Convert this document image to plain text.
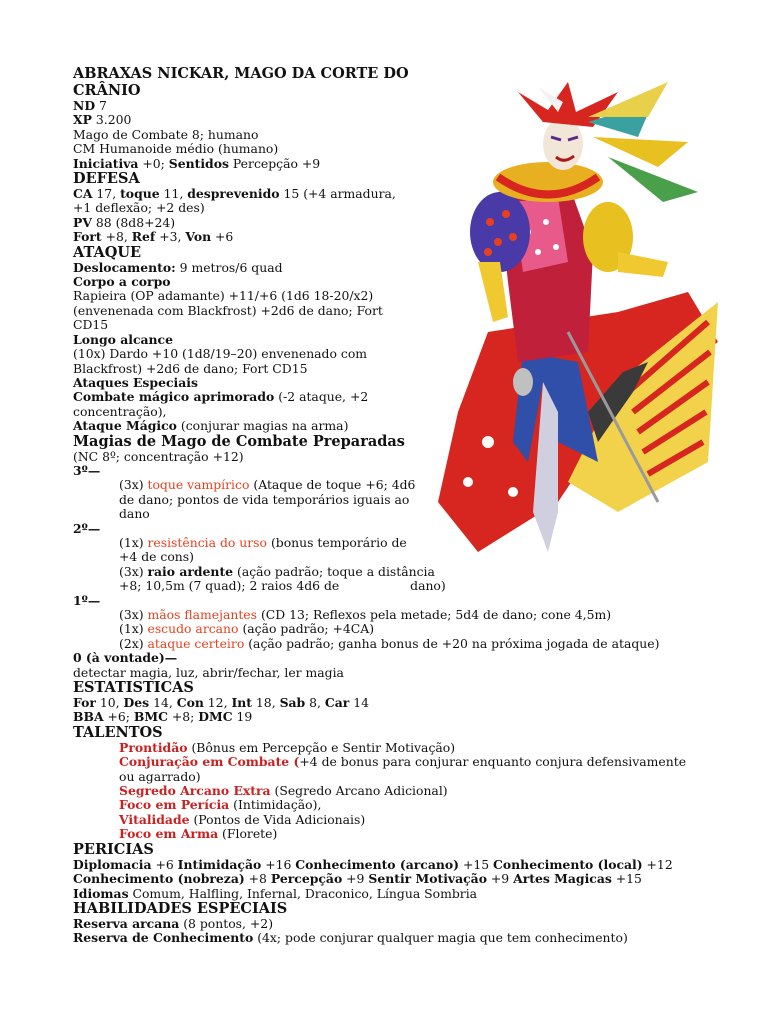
ABRAXAS NICKAR, MAGO DA CORTE DO CRÂNIO
ND 7
XP 3.200
Mago de Combate 8; humano
CM Humanoide médio (humano)
Iniciativa +0; Sentidos Percepção +9
DEFESA
CA 17, toque 11, desprevenido 15 (+4 armadura, +1 deflexão; +2 des)
PV 88 (8d8+24)
Fort +8, Ref +3, Von +6
ATAQUE
Deslocamento: 9 metros/6 quad
Corpo a corpo
Rapieira (OP adamante) +11/+6 (1d6 18-20/x2) (envenenada com Blackfrost) +2d6 de dano; Fort CD15
Longo alcance
(10x) Dardo +10 (1d8/19–20) envenenado com Blackfrost) +2d6 de dano; Fort CD15
Ataques Especiais
Combate mágico aprimorado (-2 ataque, +2 concentração),
Ataque Mágico (conjurar magias na arma)
Magias de Mago de Combate Preparadas
(NC 8º; concentração +12)
3º—
(3x) toque vampírico (Ataque de toque +6; 4d6 de dano; pontos de vida temporários iguais ao dano
2º—
(1x) resistência do urso (bonus temporário de +4 de cons)
(3x) raio ardente (ação padrão; toque a distância +8; 10,5m (7 quad); 2 raios 4d6 de                  dano)
1º—
(3x) mãos flamejantes (CD 13; Reflexos pela metade; 5d4 de dano; cone 4,5m)
(1x) escudo arcano (ação padrão; +4CA)
(2x) ataque certeiro (ação padrão; ganha bonus de +20 na próxima jogada de ataque)
0 (à vontade)—
detectar magia, luz, abrir/fechar, ler magia
ESTATISTICAS
For 10, Des 14, Con 12, Int 18, Sab 8, Car 14
BBA +6; BMC +8; DMC 19
TALENTOS
Prontidão (Bônus em Percepção e Sentir Motivação)
Conjuração em Combate (+4 de bonus para conjurar enquanto conjura defensivamente ou agarrado)
Segredo Arcano Extra (Segredo Arcano Adicional)
Foco em Perícia (Intimidação),
Vitalidade (Pontos de Vida Adicionais)
Foco em Arma (Florete)
PERICIAS
Diplomacia +6 Intimidação +16 Conhecimento (arcano) +15 Conhecimento (local) +12
Conhecimento (nobreza) +8 Percepção +9 Sentir Motivação +9 Artes Magicas +15
Idiomas Comum, Halfling, Infernal, Draconico, Língua Sombria
HABILIDADES ESPECIAIS
Reserva arcana (8 pontos, +2)
Reserva de Conhecimento (4x; pode conjurar qualquer magia que tem conhecimento)
